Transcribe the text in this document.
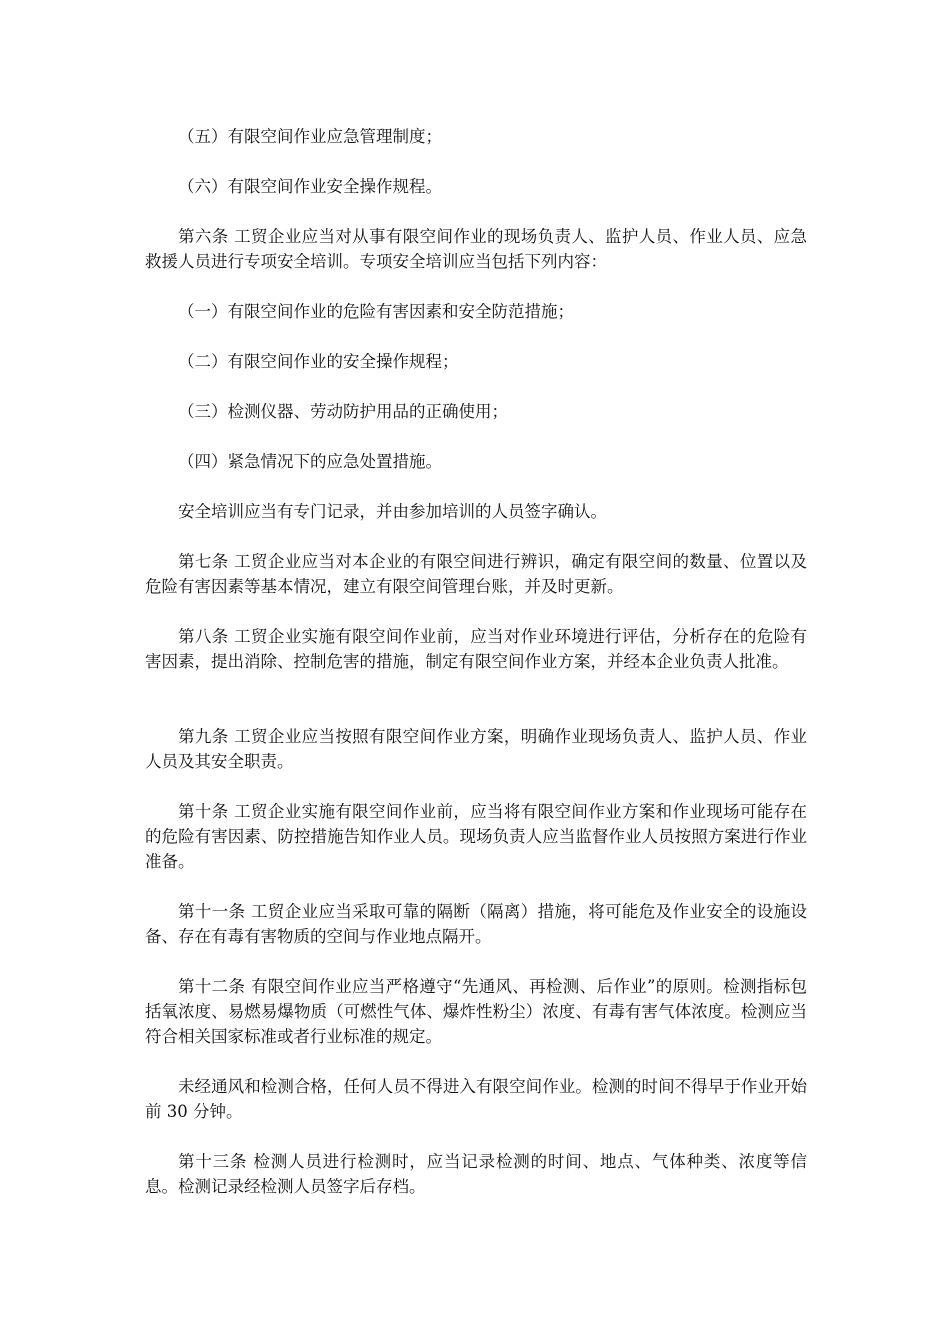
（五）有限空间作业应急管理制度；

（六）有限空间作业安全操作规程。

第六条 工贸企业应当对从事有限空间作业的现场负责人、监护人员、作业人员、应急救援人员进行专项安全培训。专项安全培训应当包括下列内容：

（一）有限空间作业的危险有害因素和安全防范措施；

（二）有限空间作业的安全操作规程；

（三）检测仪器、劳动防护用品的正确使用；

（四）紧急情况下的应急处置措施。

安全培训应当有专门记录，并由参加培训的人员签字确认。

第七条 工贸企业应当对本企业的有限空间进行辨识，确定有限空间的数量、位置以及危险有害因素等基本情况，建立有限空间管理台账，并及时更新。

第八条 工贸企业实施有限空间作业前，应当对作业环境进行评估，分析存在的危险有害因素，提出消除、控制危害的措施，制定有限空间作业方案，并经本企业负责人批准。

第九条 工贸企业应当按照有限空间作业方案，明确作业现场负责人、监护人员、作业人员及其安全职责。

第十条 工贸企业实施有限空间作业前，应当将有限空间作业方案和作业现场可能存在的危险有害因素、防控措施告知作业人员。现场负责人应当监督作业人员按照方案进行作业准备。

第十一条 工贸企业应当采取可靠的隔断（隔离）措施，将可能危及作业安全的设施设备、存在有毒有害物质的空间与作业地点隔开。

第十二条 有限空间作业应当严格遵守“先通风、再检测、后作业”的原则。检测指标包括氧浓度、易燃易爆物质（可燃性气体、爆炸性粉尘）浓度、有毒有害气体浓度。检测应当符合相关国家标准或者行业标准的规定。

未经通风和检测合格，任何人员不得进入有限空间作业。检测的时间不得早于作业开始前 30 分钟。

第十三条 检测人员进行检测时，应当记录检测的时间、地点、气体种类、浓度等信息。检测记录经检测人员签字后存档。
